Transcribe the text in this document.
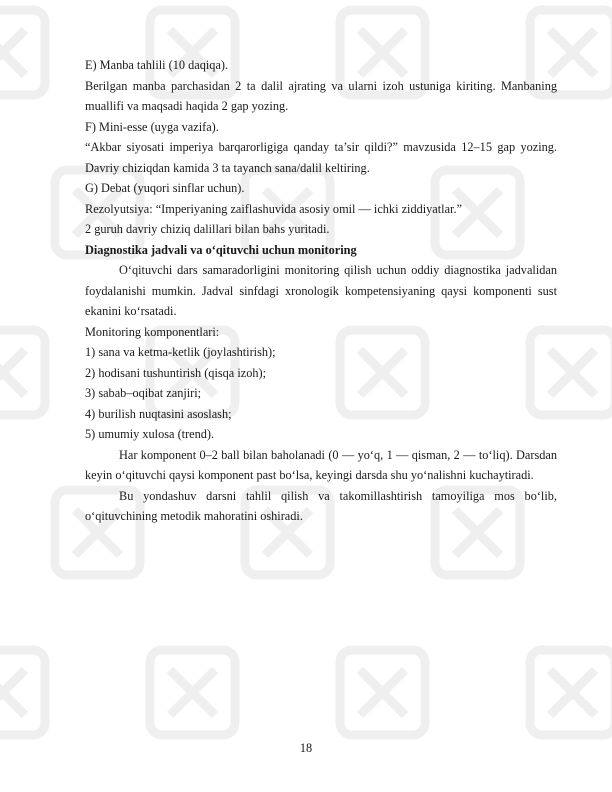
E) Manba tahlili (10 daqiqa).

Berilgan manba parchasidan 2 ta dalil ajrating va ularni izoh ustuniga kiriting. Manbaning muallifi va maqsadi haqida 2 gap yozing.

F) Mini-esse (uyga vazifa).

“Akbar siyosati imperiya barqarorligiga qanday ta’sir qildi?” mavzusida 12–15 gap yozing. Davriy chiziqdan kamida 3 ta tayanch sana/dalil keltiring.

G) Debat (yuqori sinflar uchun).

Rezolyutsiya: “Imperiyaning zaiflashuvida asosiy omil — ichki ziddiyatlar.”

2 guruh davriy chiziq dalillari bilan bahs yuritadi.

Diagnostika jadvali va o‘qituvchi uchun monitoring

O‘qituvchi dars samaradorligini monitoring qilish uchun oddiy diagnostika jadvalidan foydalanishi mumkin. Jadval sinfdagi xronologik kompetensiyaning qaysi komponenti sust ekanini ko‘rsatadi.

Monitoring komponentlari:

1) sana va ketma-ketlik (joylashtirish);

2) hodisani tushuntirish (qisqa izoh);

3) sabab–oqibat zanjiri;

4) burilish nuqtasini asoslash;

5) umumiy xulosa (trend).

Har komponent 0–2 ball bilan baholanadi (0 — yo‘q, 1 — qisman, 2 — to‘liq). Darsdan keyin o‘qituvchi qaysi komponent past bo‘lsa, keyingi darsda shu yo‘nalishni kuchaytiradi.

Bu yondashuv darsni tahlil qilish va takomillashtirish tamoyiliga mos bo‘lib, o‘qituvchining metodik mahoratini oshiradi.

18
